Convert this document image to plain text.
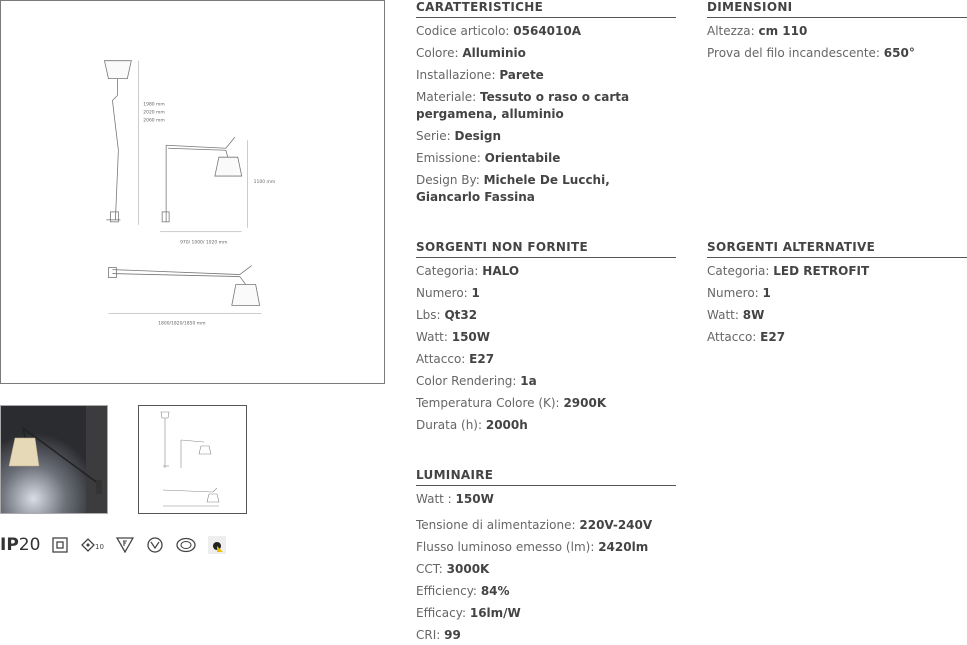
1980 mm
2020 mm
2060 mm
1100 mm
970/ 1000/ 1020 mm
1800/1820/1850 mm
IP20	10
CARATTERISTICHE
Codice articolo: 0564010A
Colore: Alluminio
Installazione: Parete
Materiale: Tessuto o raso o carta pergamena, alluminio
Serie: Design
Emissione: Orientabile
Design By: Michele De Lucchi, Giancarlo Fassina
DIMENSIONI
Altezza: cm 110
Prova del filo incandescente: 650°
SORGENTI NON FORNITE
Categoria: HALO
Numero: 1
Lbs: Qt32
Watt: 150W
Attacco: E27
Color Rendering: 1a
Temperatura Colore (K): 2900K
Durata (h): 2000h
SORGENTI ALTERNATIVE
Categoria: LED RETROFIT
Numero: 1
Watt: 8W
Attacco: E27
LUMINAIRE
Watt : 150W
Tensione di alimentazione: 220V-240V
Flusso luminoso emesso (lm): 2420lm
CCT: 3000K
Efficiency: 84%
Efficacy: 16lm/W
CRI: 99
